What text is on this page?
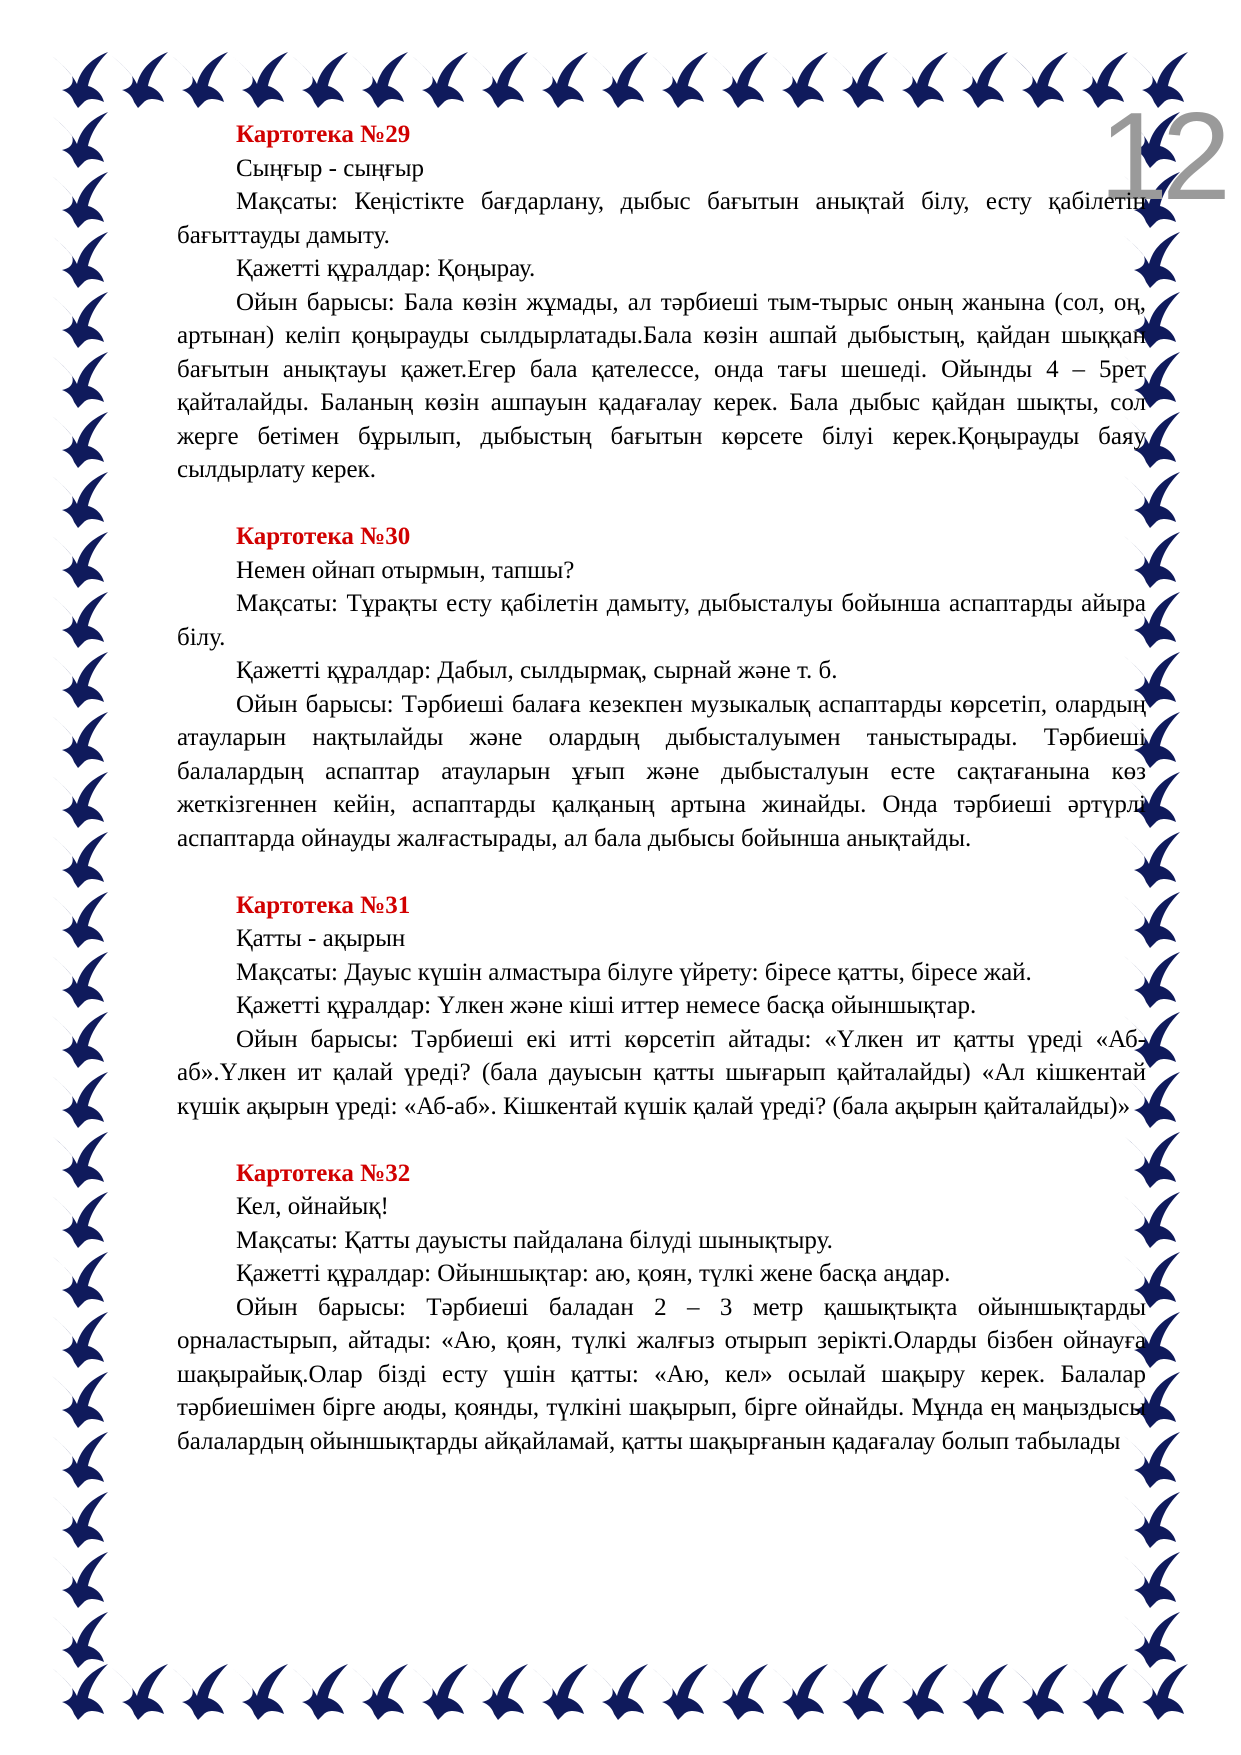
12
Картотека №29

Сыңғыр - сыңғыр

Мақсаты: Кеңістікте бағдарлану, дыбыс бағытын анықтай білу, есту қабілетін бағыттауды дамыту.

Қажетті құралдар: Қоңырау.

Ойын барысы: Бала көзін жұмады, ал тәрбиеші тым-тырыс оның жанына (сол, оң, артынан) келіп қоңырауды сылдырлатады.Бала көзін ашпай дыбыстың, қайдан шыққан бағытын анықтауы қажет.Егер бала қателессе, онда тағы шешеді. Ойынды 4 – 5рет қайталайды. Баланың көзін ашпауын қадағалау керек. Бала дыбыс қайдан шықты, сол жерге бетімен бұрылып, дыбыстың бағытын көрсете білуі керек.Қоңырауды баяу сылдырлату керек.

Картотека №30

Немен ойнап отырмын, тапшы?

Мақсаты: Тұрақты есту қабілетін дамыту, дыбысталуы бойынша аспаптарды айыра білу.

Қажетті құралдар: Дабыл, сылдырмақ, сырнай және т. б.

Ойын барысы: Тәрбиеші балаға кезекпен музыкалық аспаптарды көрсетіп, олардың атауларын нақтылайды және олардың дыбысталуымен таныстырады. Тәрбиеші балалардың аспаптар атауларын ұғып және дыбысталуын есте сақтағанына көз жеткізгеннен кейін, аспаптарды қалқаның артына жинайды. Онда тәрбиеші әртүрлі аспаптарда ойнауды жалғастырады, ал бала дыбысы бойынша анықтайды.

Картотека №31

Қатты - ақырын

Мақсаты: Дауыс күшін алмастыра білуге үйрету: біресе қатты, біресе жай.

Қажетті құралдар: Үлкен және кіші иттер немесе басқа ойыншықтар.

Ойын барысы: Тәрбиеші екі итті көрсетіп айтады: «Үлкен ит қатты үреді «Аб-аб».Үлкен ит қалай үреді? (бала дауысын қатты шығарып қайталайды) «Ал кішкентай күшік ақырын үреді: «Аб-аб». Кішкентай күшік қалай үреді? (бала ақырын қайталайды)»

Картотека №32

Кел, ойнайық!

Мақсаты: Қатты дауысты пайдалана білуді шынықтыру.

Қажетті құралдар: Ойыншықтар: аю, қоян, түлкі жене басқа аңдар.

Ойын барысы: Тәрбиеші баладан 2 – 3 метр қашықтықта ойыншықтарды орналастырып, айтады: «Аю, қоян, түлкі жалғыз отырып зерікті.Оларды бізбен ойнауға шақырайық.Олар бізді есту үшін қатты: «Аю, кел» осылай шақыру керек. Балалар тәрбиешімен бірге аюды, қоянды, түлкіні шақырып, бірге ойнайды. Мұнда ең маңыздысы балалардың ойыншықтарды айқайламай, қатты шақырғанын қадағалау болып табылады
